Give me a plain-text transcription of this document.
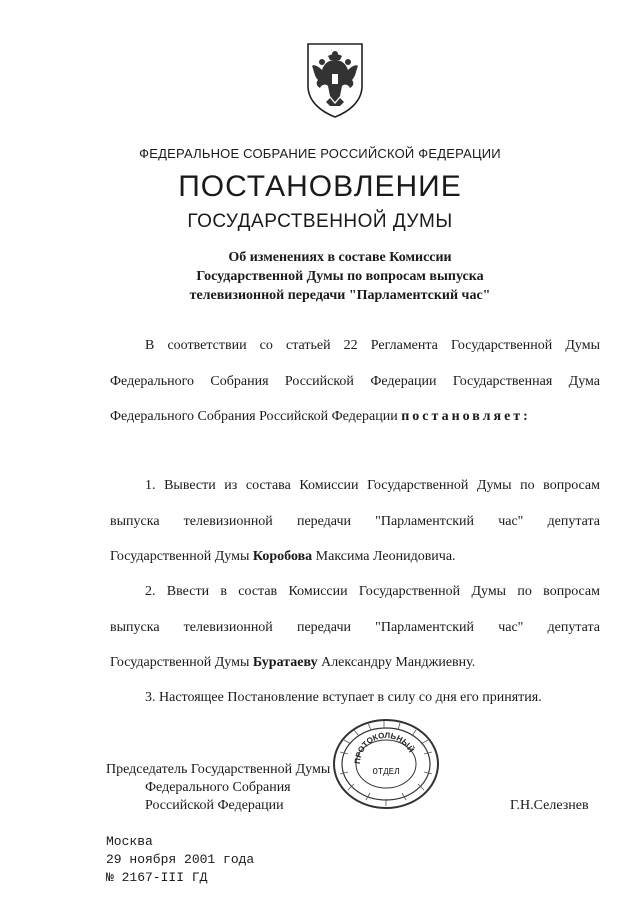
ФЕДЕРАЛЬНОЕ СОБРАНИЕ РОССИЙСКОЙ ФЕДЕРАЦИИ
ПОСТАНОВЛЕНИЕ
ГОСУДАРСТВЕННОЙ ДУМЫ
Об изменениях в составе Комиссии
Государственной Думы по вопросам выпуска
телевизионной передачи "Парламентский час"
В соответствии со статьей 22 Регламента Государственной Думы
Федерального Собрания Российской Федерации Государственная Дума
Федерального Собрания Российской Федерации постановляет:
1. Вывести из состава Комиссии Государственной Думы по вопросам
выпуска телевизионной передачи "Парламентский час" депутата
Государственной Думы Коробова Максима Леонидовича.
2. Ввести в состав Комиссии Государственной Думы по вопросам
выпуска телевизионной передачи "Парламентский час" депутата
Государственной Думы Буратаеву Александру Манджиевну.
3. Настоящее Постановление вступает в силу со дня его принятия.
Председатель Государственной Думы
Федерального Собрания
Российской Федерации	Г.Н.Селезнев
ПРОТОКОЛЬНЫЙ
ОТДЕЛ
Москва
29 ноября 2001 года
№ 2167-III ГД
